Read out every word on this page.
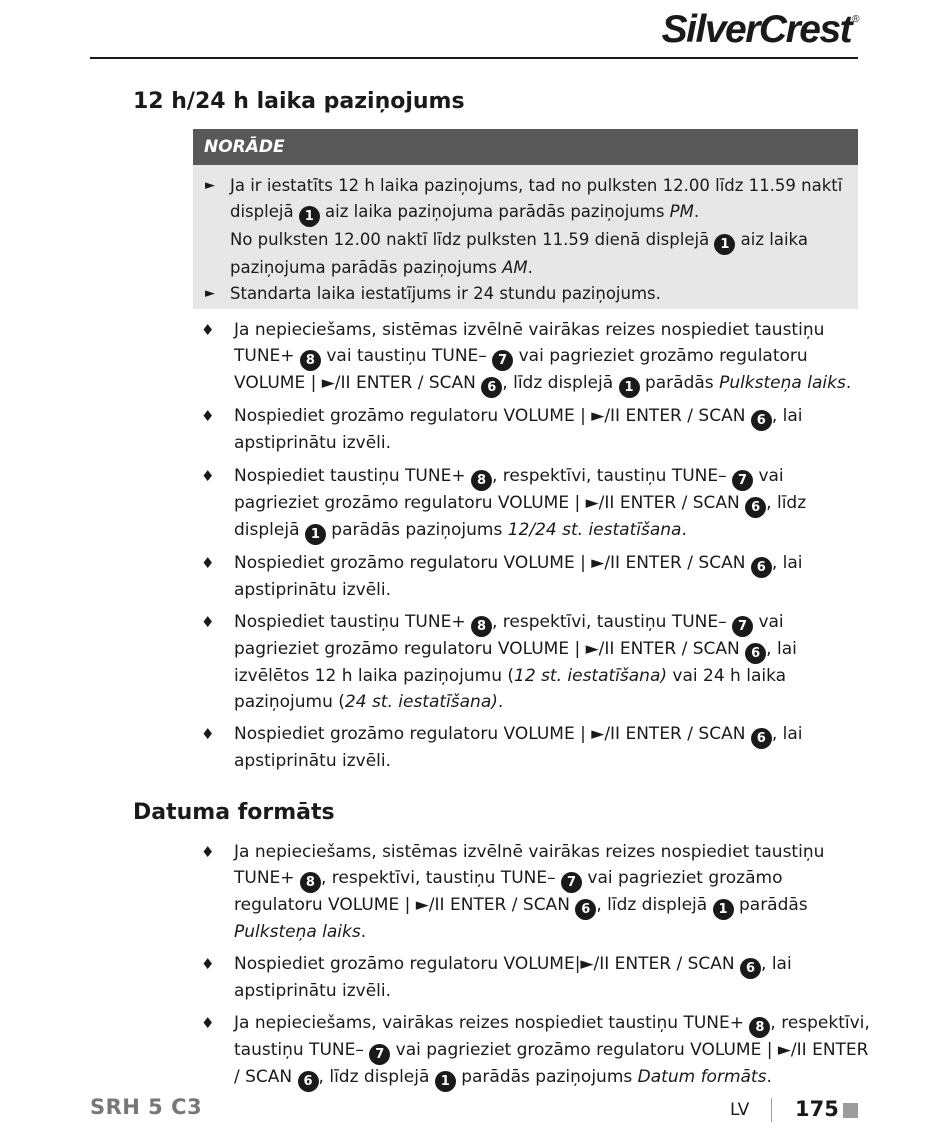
SilverCrest®
12 h/24 h laika paziņojums
NORĀDE
► Ja ir iestatīts 12 h laika paziņojums, tad no pulksten 12.00 līdz 11.59 naktī displejā 1 aiz laika paziņojuma parādās paziņojums PM.
No pulksten 12.00 naktī līdz pulksten 11.59 dienā displejā 1 aiz laika paziņojuma parādās paziņojums AM.
► Standarta laika iestatījums ir 24 stundu paziņojums.
♦	Ja nepieciešams, sistēmas izvēlnē vairākas reizes nospiediet taustiņu TUNE+ 8 vai taustiņu TUNE– 7 vai pagrieziet grozāmo regulatoru VOLUME | ►/II ENTER / SCAN 6 , līdz displejā 1 parādās Pulksteņa laiks.
♦	Nospiediet grozāmo regulatoru VOLUME | ►/II ENTER / SCAN 6 , lai apstiprinātu izvēli.
♦	Nospiediet taustiņu TUNE+ 8 , respektīvi, taustiņu TUNE– 7 vai pagrieziet grozāmo regulatoru VOLUME | ►/II ENTER / SCAN 6 , līdz displejā 1 parādās paziņojums 12/24 st. iestatīšana.
♦	Nospiediet grozāmo regulatoru VOLUME | ►/II ENTER / SCAN 6 , lai apstiprinātu izvēli.
♦	Nospiediet taustiņu TUNE+ 8 , respektīvi, taustiņu TUNE– 7 vai pagrieziet grozāmo regulatoru VOLUME | ►/II ENTER / SCAN 6 , lai izvēlētos 12 h laika paziņojumu (12 st. iestatīšana) vai 24 h laika paziņojumu (24 st. iestatīšana).
♦	Nospiediet grozāmo regulatoru VOLUME | ►/II ENTER / SCAN 6 , lai apstiprinātu izvēli.
Datuma formāts
♦	Ja nepieciešams, sistēmas izvēlnē vairākas reizes nospiediet taustiņu TUNE+ 8 , respektīvi, taustiņu TUNE– 7 vai pagrieziet grozāmo regulatoru VOLUME | ►/II ENTER / SCAN 6 , līdz displejā 1 parādās Pulksteņa laiks.
♦	Nospiediet grozāmo regulatoru VOLUME|►/II ENTER / SCAN 6 , lai apstiprinātu izvēli.
♦	Ja nepieciešams, vairākas reizes nospiediet taustiņu TUNE+ 8 , respektīvi, taustiņu TUNE– 7 vai pagrieziet grozāmo regulatoru VOLUME | ►/II ENTER / SCAN 6 , līdz displejā 1 parādās paziņojums Datum formāts.
SRH 5 C3	LV 175
